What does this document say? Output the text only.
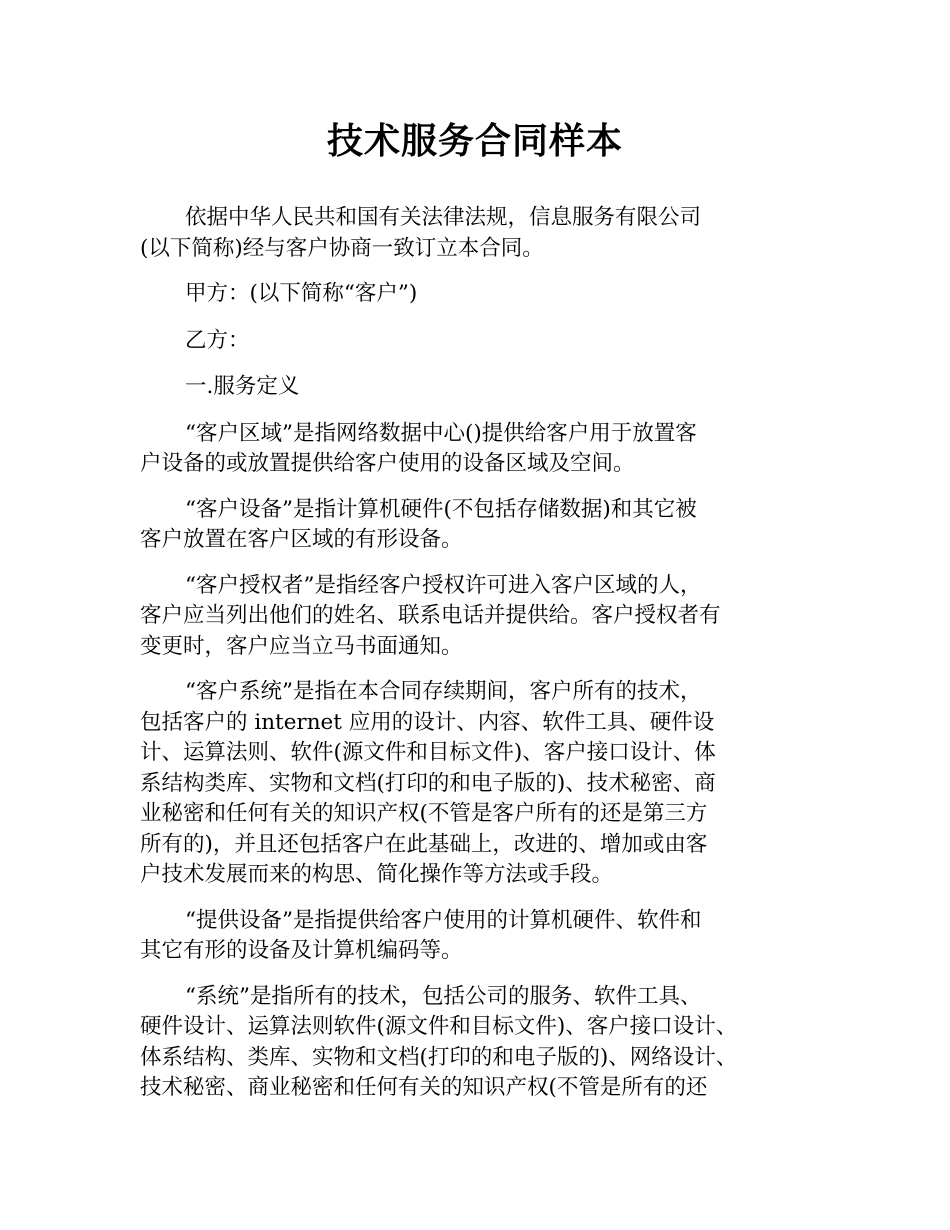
技术服务合同样本

依据中华人民共和国有关法律法规，信息服务有限公司
(以下简称)经与客户协商一致订立本合同。

甲方：(以下简称“客户”)

乙方：

一.服务定义

“客户区域”是指网络数据中心()提供给客户用于放置客
户设备的或放置提供给客户使用的设备区域及空间。

“客户设备”是指计算机硬件(不包括存储数据)和其它被
客户放置在客户区域的有形设备。

“客户授权者”是指经客户授权许可进入客户区域的人，
客户应当列出他们的姓名、联系电话并提供给。客户授权者有
变更时，客户应当立马书面通知。

“客户系统”是指在本合同存续期间，客户所有的技术，
包括客户的 internet 应用的设计、内容、软件工具、硬件设
计、运算法则、软件(源文件和目标文件)、客户接口设计、体
系结构类库、实物和文档(打印的和电子版的)、技术秘密、商
业秘密和任何有关的知识产权(不管是客户所有的还是第三方
所有的)，并且还包括客户在此基础上，改进的、增加或由客
户技术发展而来的构思、简化操作等方法或手段。

“提供设备”是指提供给客户使用的计算机硬件、软件和
其它有形的设备及计算机编码等。

“系统”是指所有的技术，包括公司的服务、软件工具、
硬件设计、运算法则软件(源文件和目标文件)、客户接口设计、
体系结构、类库、实物和文档(打印的和电子版的)、网络设计、
技术秘密、商业秘密和任何有关的知识产权(不管是所有的还
